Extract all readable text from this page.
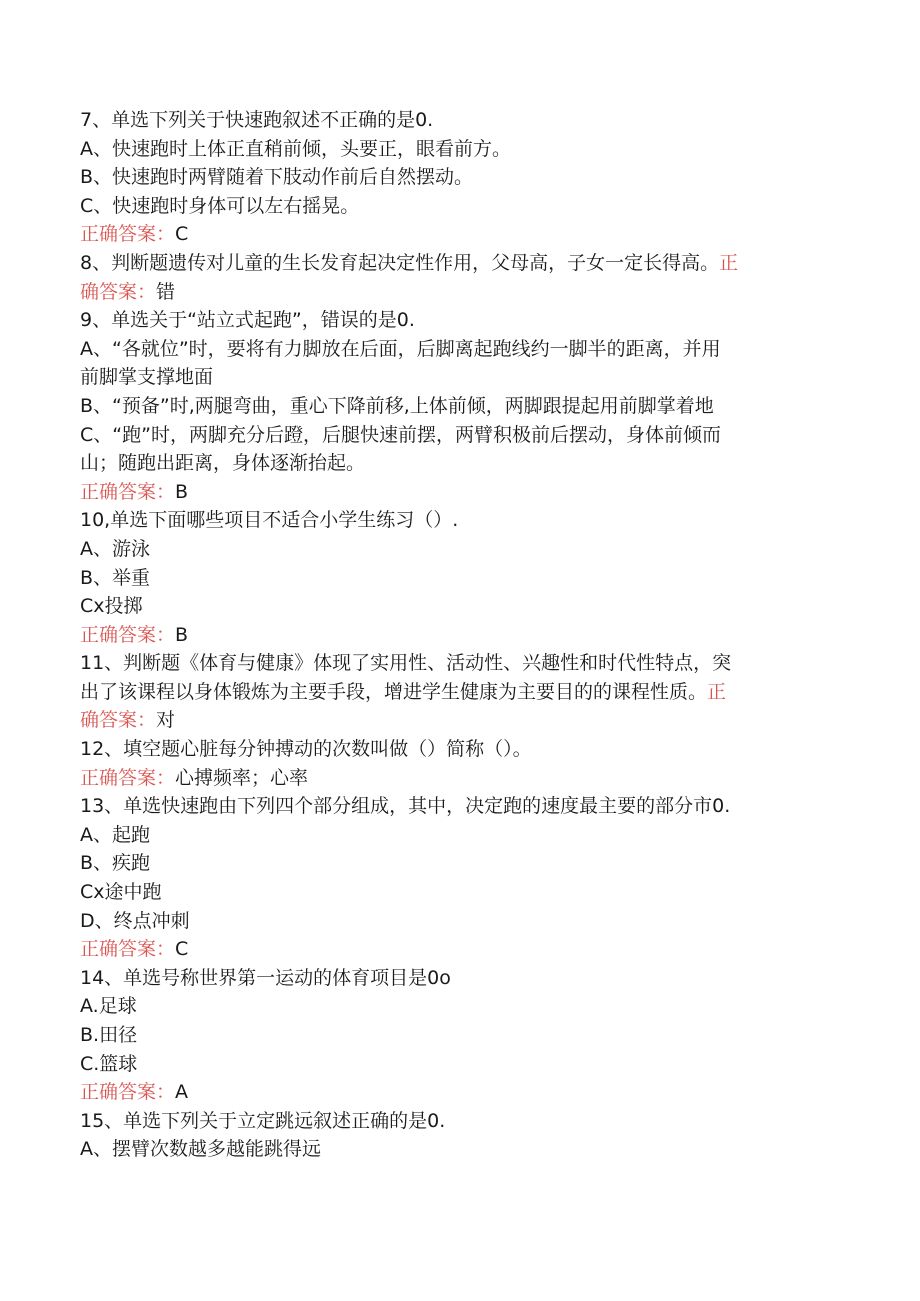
7、单选下列关于快速跑叙述不正确的是0.
A、快速跑时上体正直稍前倾，头要正，眼看前方。
B、快速跑时两臂随着下肢动作前后自然摆动。
C、快速跑时身体可以左右摇晃。
正确答案：C
8、判断题遗传对儿童的生长发育起决定性作用，父母高，子女一定长得高。正
确答案：错
9、单选关于“站立式起跑”，错误的是0.
A、“各就位”时，要将有力脚放在后面，后脚离起跑线约一脚半的距离，并用
前脚掌支撑地面
B、“预备”时,两腿弯曲，重心下降前移,上体前倾，两脚跟提起用前脚掌着地
C、“跑”时，两脚充分后蹬，后腿快速前摆，两臂积极前后摆动，身体前倾而
山；随跑出距离，身体逐渐抬起。
正确答案：B
10,单选下面哪些项目不适合小学生练习（）.
A、游泳
B、举重
Cx投掷
正确答案：B
11、判断题《体育与健康》体现了实用性、活动性、兴趣性和时代性特点，突
出了该课程以身体锻炼为主要手段，增进学生健康为主要目的的课程性质。正
确答案：对
12、填空题心脏每分钟搏动的次数叫做（）简称（）。
正确答案：心搏频率；心率
13、单选快速跑由下列四个部分组成，其中，决定跑的速度最主要的部分市0.
A、起跑
B、疾跑
Cx途中跑
D、终点冲刺
正确答案：C
14、单选号称世界第一运动的体育项目是0o
A.足球
B.田径
C.篮球
正确答案：A
15、单选下列关于立定跳远叙述正确的是0.
A、摆臂次数越多越能跳得远
